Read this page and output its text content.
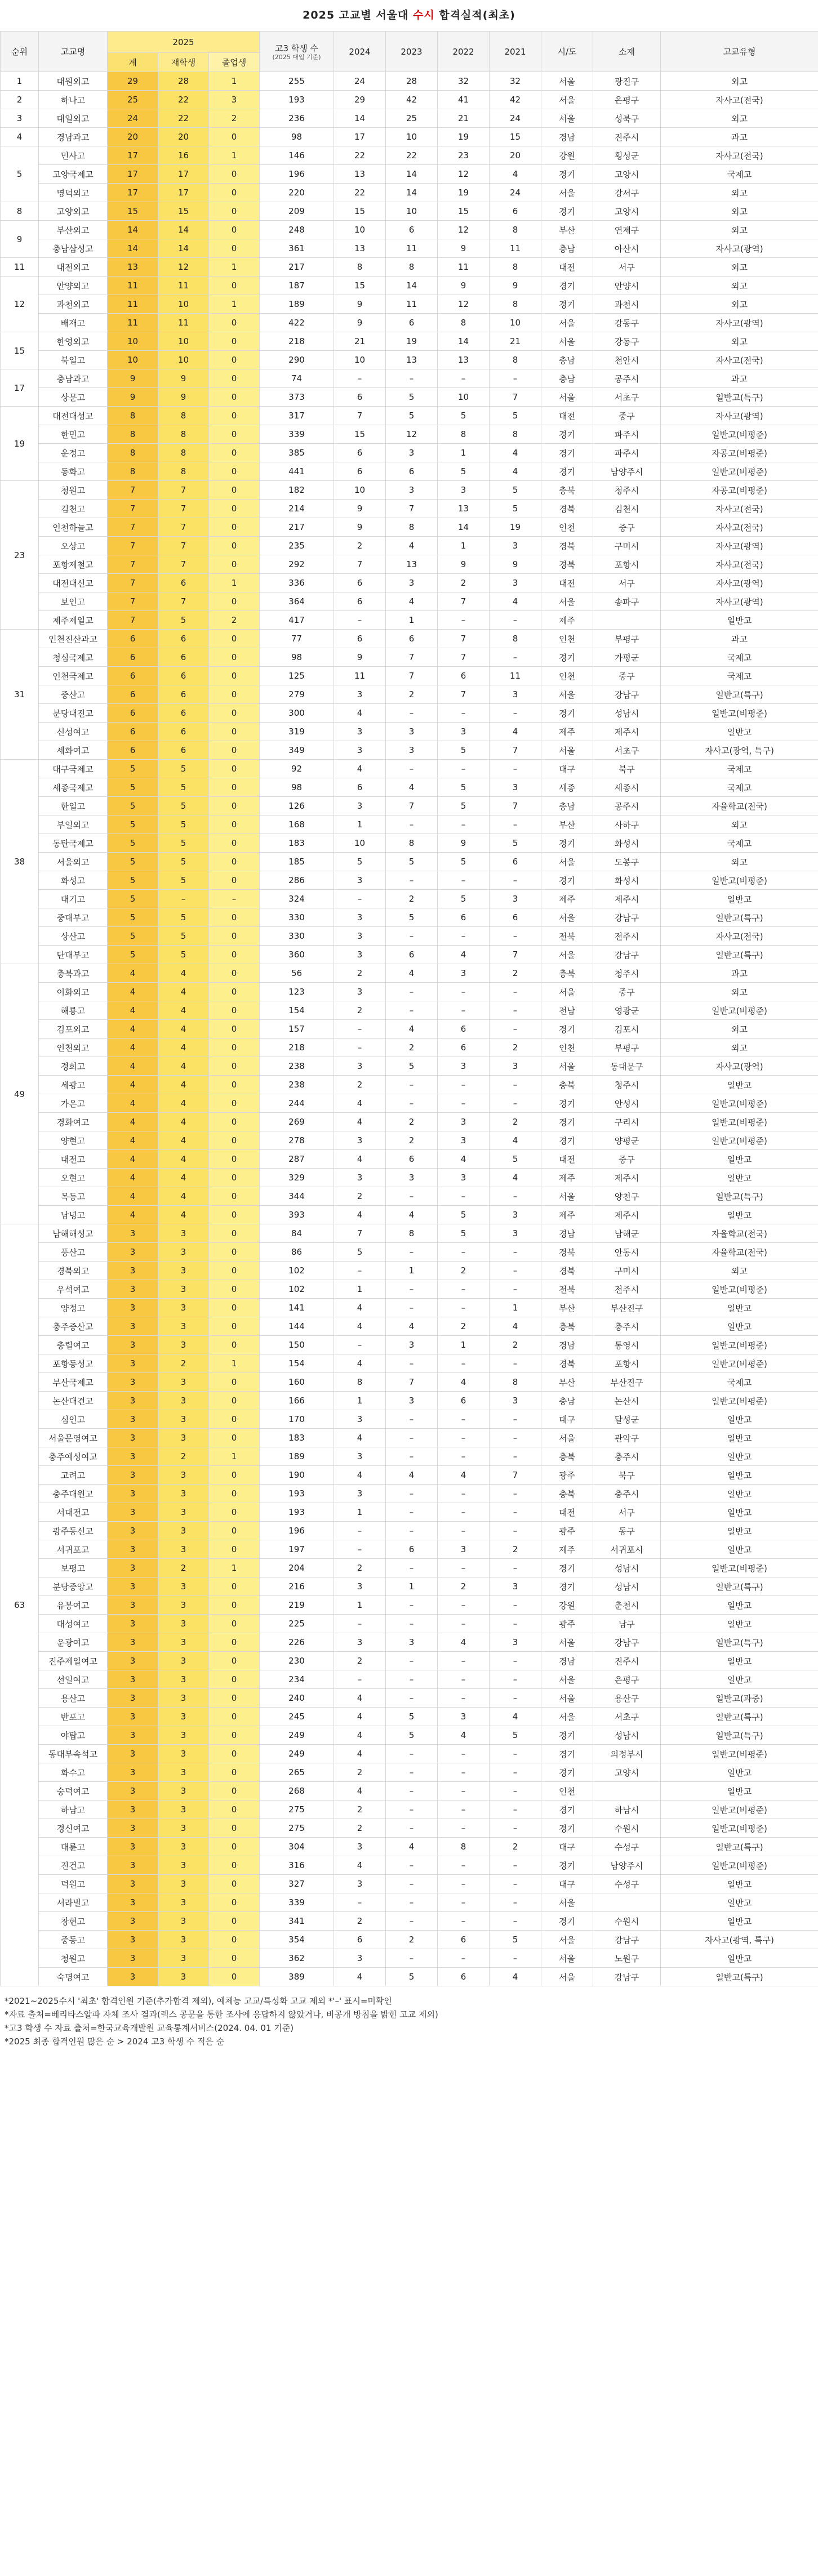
2025 고교별 서울대 수시 합격실적(최초)
순위	고교명	2025			고3 학생 수
(2025 대입 기준)	2024	2023	2022	2021	시/도	소재	고교유형
		계	재학생	졸업생								
1	대원외고	29	28	1	255	24	28	32	32	서울	광진구	외고
2	하나고	25	22	3	193	29	42	41	42	서울	은평구	자사고(전국)
3	대일외고	24	22	2	236	14	25	21	24	서울	성북구	외고
4	경남과고	20	20	0	98	17	10	19	15	경남	진주시	과고
5	민사고	17	16	1	146	22	22	23	20	강원	횡성군	자사고(전국)
	고양국제고	17	17	0	196	13	14	12	4	경기	고양시	국제고
	명덕외고	17	17	0	220	22	14	19	24	서울	강서구	외고
8	고양외고	15	15	0	209	15	10	15	6	경기	고양시	외고
9	부산외고	14	14	0	248	10	6	12	8	부산	연제구	외고
	충남삼성고	14	14	0	361	13	11	9	11	충남	아산시	자사고(광역)
11	대전외고	13	12	1	217	8	8	11	8	대전	서구	외고
12	안양외고	11	11	0	187	15	14	9	9	경기	안양시	외고
	과천외고	11	10	1	189	9	11	12	8	경기	과천시	외고
	배재고	11	11	0	422	9	6	8	10	서울	강동구	자사고(광역)
15	한영외고	10	10	0	218	21	19	14	21	서울	강동구	외고
	북일고	10	10	0	290	10	13	13	8	충남	천안시	자사고(전국)
17	충남과고	9	9	0	74	–	–	–	–	충남	공주시	과고
	상문고	9	9	0	373	6	5	10	7	서울	서초구	일반고(특구)
19	대전대성고	8	8	0	317	7	5	5	5	대전	중구	자사고(광역)
	한민고	8	8	0	339	15	12	8	8	경기	파주시	일반고(비평준)
	운정고	8	8	0	385	6	3	1	4	경기	파주시	자공고(비평준)
	동화고	8	8	0	441	6	6	5	4	경기	남양주시	일반고(비평준)
23	청원고	7	7	0	182	10	3	3	5	충북	청주시	자공고(비평준)
	김천고	7	7	0	214	9	7	13	5	경북	김천시	자사고(전국)
	인천하늘고	7	7	0	217	9	8	14	19	인천	중구	자사고(전국)
	오상고	7	7	0	235	2	4	1	3	경북	구미시	자사고(광역)
	포항제철고	7	7	0	292	7	13	9	9	경북	포항시	자사고(전국)
	대전대신고	7	6	1	336	6	3	2	3	대전	서구	자사고(광역)
	보인고	7	7	0	364	6	4	7	4	서울	송파구	자사고(광역)
	제주제일고	7	5	2	417	–	1	–	–	제주		일반고
31	인천진산과고	6	6	0	77	6	6	7	8	인천	부평구	과고
	청심국제고	6	6	0	98	9	7	7	–	경기	가평군	국제고
	인천국제고	6	6	0	125	11	7	6	11	인천	중구	국제고
	중산고	6	6	0	279	3	2	7	3	서울	강남구	일반고(특구)
	분당대진고	6	6	0	300	4	–	–	–	경기	성남시	일반고(비평준)
	신성여고	6	6	0	319	3	3	3	4	제주	제주시	일반고
	세화여고	6	6	0	349	3	3	5	7	서울	서초구	자사고(광역, 특구)
38	대구국제고	5	5	0	92	4	–	–	–	대구	북구	국제고
	세종국제고	5	5	0	98	6	4	5	3	세종	세종시	국제고
	한일고	5	5	0	126	3	7	5	7	충남	공주시	자율학교(전국)
	부일외고	5	5	0	168	1	–	–	–	부산	사하구	외고
	동탄국제고	5	5	0	183	10	8	9	5	경기	화성시	국제고
	서울외고	5	5	0	185	5	5	5	6	서울	도봉구	외고
	화성고	5	5	0	286	3	–	–	–	경기	화성시	일반고(비평준)
	대기고	5	–	–	324	–	2	5	3	제주	제주시	일반고
	중대부고	5	5	0	330	3	5	6	6	서울	강남구	일반고(특구)
	상산고	5	5	0	330	3	–	–	–	전북	전주시	자사고(전국)
	단대부고	5	5	0	360	3	6	4	7	서울	강남구	일반고(특구)
49	충북과고	4	4	0	56	2	4	3	2	충북	청주시	과고
	이화외고	4	4	0	123	3	–	–	–	서울	중구	외고
	해룡고	4	4	0	154	2	–	–	–	전남	영광군	일반고(비평준)
	김포외고	4	4	0	157	–	4	6	–	경기	김포시	외고
	인천외고	4	4	0	218	–	2	6	2	인천	부평구	외고
	경희고	4	4	0	238	3	5	3	3	서울	동대문구	자사고(광역)
	세광고	4	4	0	238	2	–	–	–	충북	청주시	일반고
	가온고	4	4	0	244	4	–	–	–	경기	안성시	일반고(비평준)
	경화여고	4	4	0	269	4	2	3	2	경기	구리시	일반고(비평준)
	양현고	4	4	0	278	3	2	3	4	경기	양평군	일반고(비평준)
	대전고	4	4	0	287	4	6	4	5	대전	중구	일반고
	오현고	4	4	0	329	3	3	3	4	제주	제주시	일반고
	목동고	4	4	0	344	2	–	–	–	서울	양천구	일반고(특구)
	남녕고	4	4	0	393	4	4	5	3	제주	제주시	일반고
63	남해해성고	3	3	0	84	7	8	5	3	경남	남해군	자율학교(전국)
	풍산고	3	3	0	86	5	–	–	–	경북	안동시	자율학교(전국)
	경북외고	3	3	0	102	–	1	2	–	경북	구미시	외고
	우석여고	3	3	0	102	1	–	–	–	전북	전주시	일반고(비평준)
	양정고	3	3	0	141	4	–	–	1	부산	부산진구	일반고
	충주중산고	3	3	0	144	4	4	2	4	충북	충주시	일반고
	충렬여고	3	3	0	150	–	3	1	2	경남	통영시	일반고(비평준)
	포항동성고	3	2	1	154	4	–	–	–	경북	포항시	일반고(비평준)
	부산국제고	3	3	0	160	8	7	4	8	부산	부산진구	국제고
	논산대건고	3	3	0	166	1	3	6	3	충남	논산시	일반고(비평준)
	심인고	3	3	0	170	3	–	–	–	대구	달성군	일반고
	서울문영여고	3	3	0	183	4	–	–	–	서울	관악구	일반고
	충주예성여고	3	2	1	189	3	–	–	–	충북	충주시	일반고
	고려고	3	3	0	190	4	4	4	7	광주	북구	일반고
	충주대원고	3	3	0	193	3	–	–	–	충북	충주시	일반고
	서대전고	3	3	0	193	1	–	–	–	대전	서구	일반고
	광주동신고	3	3	0	196	–	–	–	–	광주	동구	일반고
	서귀포고	3	3	0	197	–	6	3	2	제주	서귀포시	일반고
	보평고	3	2	1	204	2	–	–	–	경기	성남시	일반고(비평준)
	분당중앙고	3	3	0	216	3	1	2	3	경기	성남시	일반고(특구)
	유봉여고	3	3	0	219	1	–	–	–	강원	춘천시	일반고
	대성여고	3	3	0	225	–	–	–	–	광주	남구	일반고
	운광여고	3	3	0	226	3	3	4	3	서울	강남구	일반고(특구)
	진주제일여고	3	3	0	230	2	–	–	–	경남	진주시	일반고
	선일여고	3	3	0	234	–	–	–	–	서울	은평구	일반고
	용산고	3	3	0	240	4	–	–	–	서울	용산구	일반고(과중)
	반포고	3	3	0	245	4	5	3	4	서울	서초구	일반고(특구)
	야탑고	3	3	0	249	4	5	4	5	경기	성남시	일반고(특구)
	동대부속석고	3	3	0	249	4	–	–	–	경기	의정부시	일반고(비평준)
	화수고	3	3	0	265	2	–	–	–	경기	고양시	일반고
	숭덕여고	3	3	0	268	4	–	–	–	인천		일반고
	하남고	3	3	0	275	2	–	–	–	경기	하남시	일반고(비평준)
	경신여고	3	3	0	275	2	–	–	–	경기	수원시	일반고(비평준)
	대륜고	3	3	0	304	3	4	8	2	대구	수성구	일반고(특구)
	진건고	3	3	0	316	4	–	–	–	경기	남양주시	일반고(비평준)
	덕원고	3	3	0	327	3	–	–	–	대구	수성구	일반고
	서라벌고	3	3	0	339	–	–	–	–	서울		일반고
	창현고	3	3	0	341	2	–	–	–	경기	수원시	일반고
	중동고	3	3	0	354	6	2	6	5	서울	강남구	자사고(광역, 특구)
	청원고	3	3	0	362	3	–	–	–	서울	노원구	일반고
	숙명여고	3	3	0	389	4	5	6	4	서울	강남구	일반고(특구)
*2021~2025수시 '최초' 합격인원 기준(추가합격 제외), 예체능 고교/특성화 고교 제외 *'–' 표시=미확인
*자료 출처=베리타스알파 자체 조사 결과(렉스 공문을 통한 조사에 응답하지 않았거나, 비공개 방침을 밝힌 고교 제외)
*고3 학생 수 자료 출처=한국교육개발원 교육통계서비스(2024. 04. 01 기준)
*2025 최종 합격인원 많은 순 > 2024 고3 학생 수 적은 순
